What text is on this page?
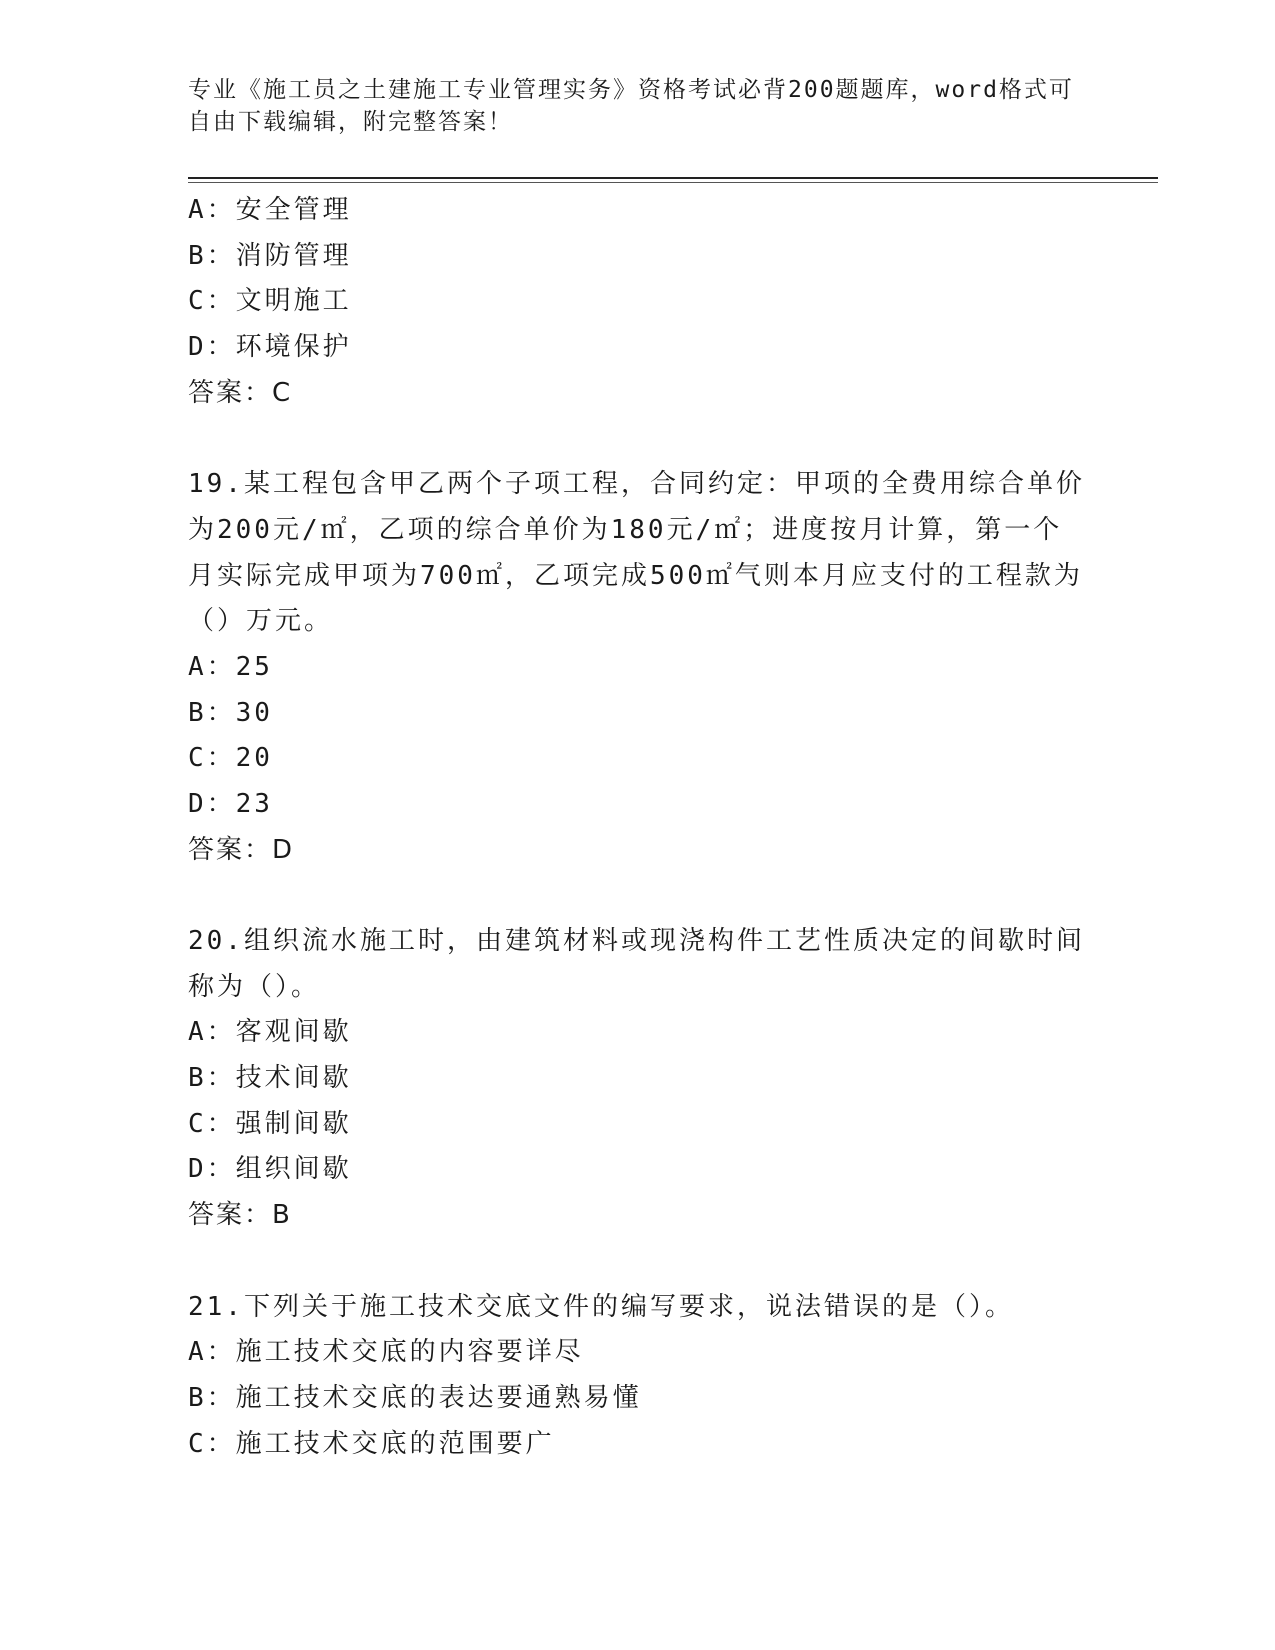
专业《施工员之土建施工专业管理实务》资格考试必背200题题库，word格式可
自由下载编辑，附完整答案！
A：安全管理
B：消防管理
C：文明施工
D：环境保护
答案：C
19.某工程包含甲乙两个子项工程，合同约定：甲项的全费用综合单价
为200元/㎡，乙项的综合单价为180元/㎡；进度按月计算，第一个
月实际完成甲项为700㎡，乙项完成500㎡气则本月应支付的工程款为
（）万元。
A：25
B：30
C：20
D：23
答案：D
20.组织流水施工时，由建筑材料或现浇构件工艺性质决定的间歇时间
称为（）。
A：客观间歇
B：技术间歇
C：强制间歇
D：组织间歇
答案：B
21.下列关于施工技术交底文件的编写要求，说法错误的是（）。
A：施工技术交底的内容要详尽
B：施工技术交底的表达要通熟易懂
C：施工技术交底的范围要广
